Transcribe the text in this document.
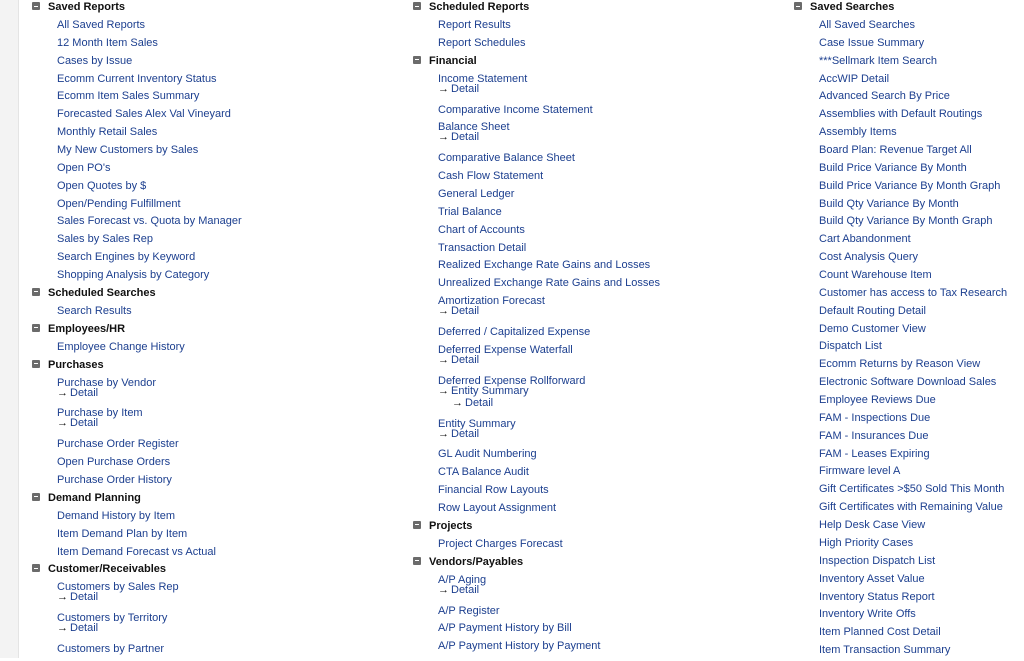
Saved Reports
All Saved Reports
12 Month Item Sales
Cases by Issue
Ecomm Current Inventory Status
Ecomm Item Sales Summary
Forecasted Sales Alex Val Vineyard
Monthly Retail Sales
My New Customers by Sales
Open PO's
Open Quotes by $
Open/Pending Fulfillment
Sales Forecast vs. Quota by Manager
Sales by Sales Rep
Search Engines by Keyword
Shopping Analysis by Category
Scheduled Searches
Search Results
Employees/HR
Employee Change History
Purchases
Purchase by Vendor
→ Detail
Purchase by Item
→ Detail
Purchase Order Register
Open Purchase Orders
Purchase Order History
Demand Planning
Demand History by Item
Item Demand Plan by Item
Item Demand Forecast vs Actual
Customer/Receivables
Customers by Sales Rep
→ Detail
Customers by Territory
→ Detail
Customers by Partner
Scheduled Reports
Report Results
Report Schedules
Financial
Income Statement
→ Detail
Comparative Income Statement
Balance Sheet
→ Detail
Comparative Balance Sheet
Cash Flow Statement
General Ledger
Trial Balance
Chart of Accounts
Transaction Detail
Realized Exchange Rate Gains and Losses
Unrealized Exchange Rate Gains and Losses
Amortization Forecast
→ Detail
Deferred / Capitalized Expense
Deferred Expense Waterfall
→ Detail
Deferred Expense Rollforward
→ Entity Summary
→ Detail
Entity Summary
→ Detail
GL Audit Numbering
CTA Balance Audit
Financial Row Layouts
Row Layout Assignment
Projects
Project Charges Forecast
Vendors/Payables
A/P Aging
→ Detail
A/P Register
A/P Payment History by Bill
A/P Payment History by Payment
Saved Searches
All Saved Searches
Case Issue Summary
***Sellmark Item Search
AccWIP Detail
Advanced Search By Price
Assemblies with Default Routings
Assembly Items
Board Plan: Revenue Target All
Build Price Variance By Month
Build Price Variance By Month Graph
Build Qty Variance By Month
Build Qty Variance By Month Graph
Cart Abandonment
Cost Analysis Query
Count Warehouse Item
Customer has access to Tax Research
Default Routing Detail
Demo Customer View
Dispatch List
Ecomm Returns by Reason View
Electronic Software Download Sales
Employee Reviews Due
FAM - Inspections Due
FAM - Insurances Due
FAM - Leases Expiring
Firmware level A
Gift Certificates >$50 Sold This Month
Gift Certificates with Remaining Value
Help Desk Case View
High Priority Cases
Inspection Dispatch List
Inventory Asset Value
Inventory Status Report
Inventory Write Offs
Item Planned Cost Detail
Item Transaction Summary
